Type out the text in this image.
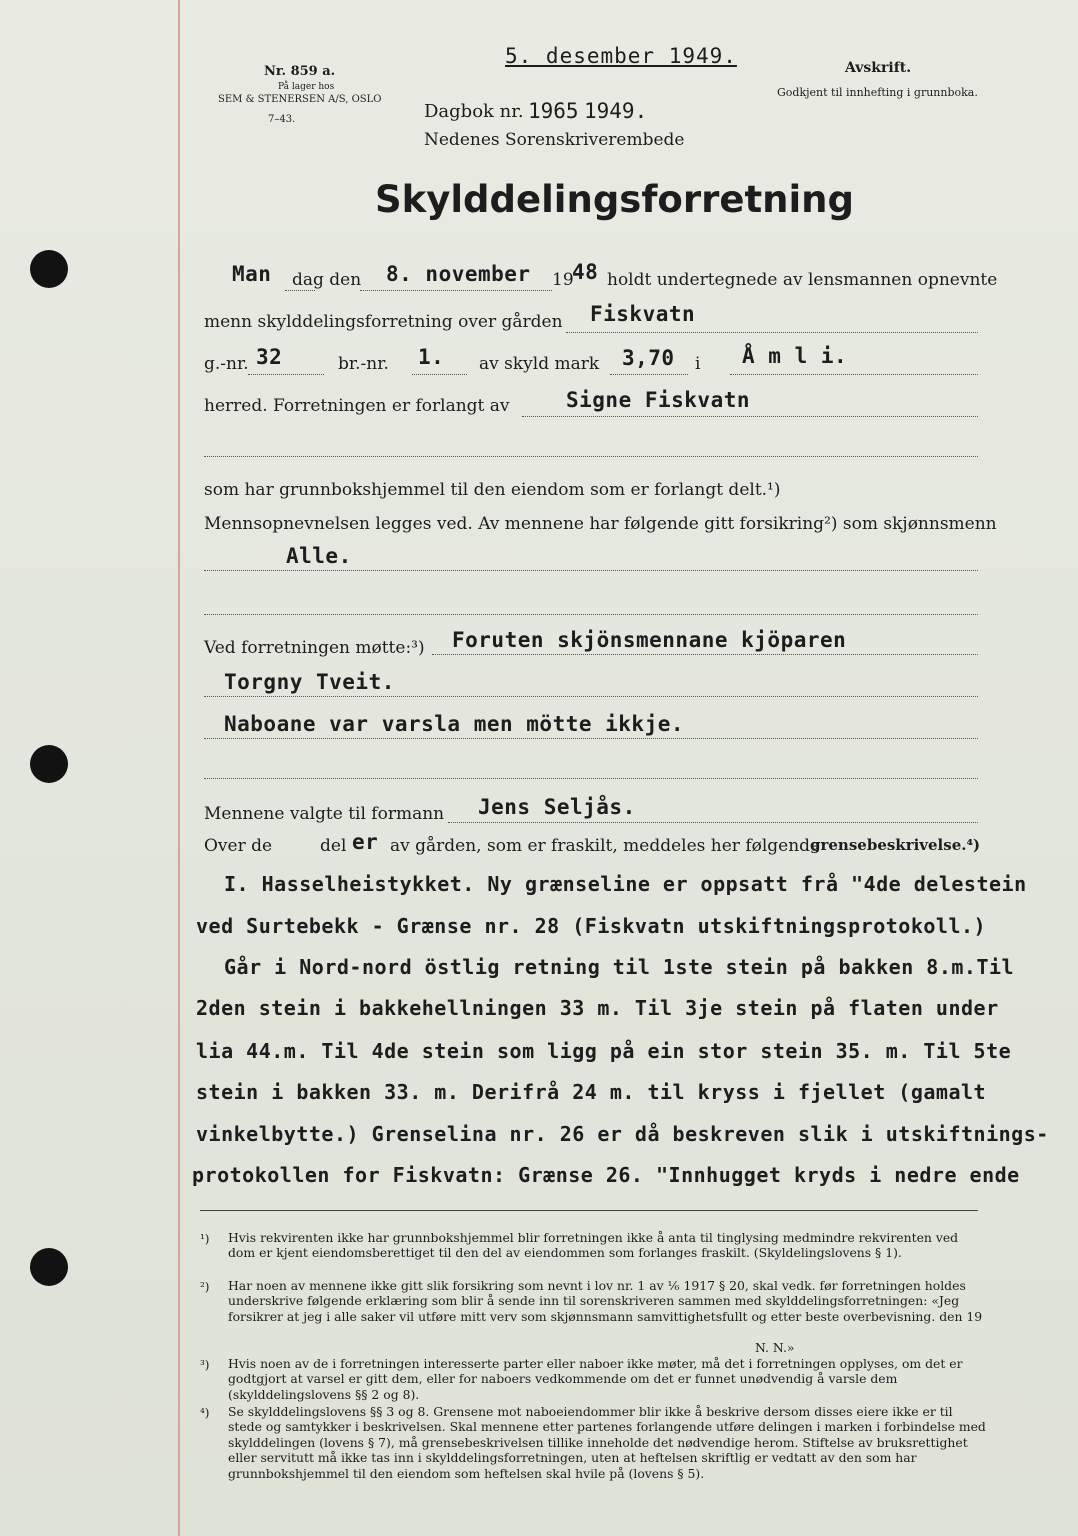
Nr. 859 a.
På lager hos
SEM & STENERSEN A/S, OSLO
7–43.
5. desember 1949.	Avskrift.
Godkjent til innhefting i grunnboka.
Dagbok nr. 1965 1949.
Nedenes Sorenskriverembede
Skylddelingsforretning
Man dag den 8. november 19
48 holdt undertegnede av lensmannen opnevnte
menn skylddelingsforretning over gården Fiskvatn
g.-nr. 32	br.-nr. 1. av skyld mark 3,70 i Å m l i.
herred. Forretningen er forlangt av	Signe Fiskvatn
som har grunnbokshjemmel til den eiendom som er forlangt delt.¹)
Mennsopnevnelsen legges ved. Av mennene har følgende gitt forsikring²) som skjønnsmenn
Alle.
Ved forretningen møtte:³) Foruten skjönsmennane kjöparen
Torgny Tveit.
Naboane var varsla men mötte ikkje.
Mennene valgte til formann Jens Seljås.
Over de	del er av gården, som er fraskilt, meddeles her følgende
grensebeskrivelse.⁴)
I. Hasselheistykket. Ny grænseline er oppsatt frå "4de delestein
ved Surtebekk - Grænse nr. 28 (Fiskvatn utskiftningsprotokoll.)
Går i Nord-nord östlig retning til 1ste stein på bakken 8.m.Til
2den stein i bakkehellningen 33 m. Til 3je stein på flaten under
lia 44.m. Til 4de stein som ligg på ein stor stein 35. m. Til 5te
stein i bakken 33. m. Derifrå 24 m. til kryss i fjellet (gamalt
vinkelbytte.) Grenselina nr. 26 er då beskreven slik i utskiftnings-
protokollen for Fiskvatn: Grænse 26. "Innhugget kryds i nedre ende
¹) Hvis rekvirenten ikke har grunnbokshjemmel blir forretningen ikke å anta til tinglysing medmindre rekvirenten ved dom er kjent eiendomsberettiget til den del av eiendommen som forlanges fraskilt. (Skyldelingslovens § 1).
²) Har noen av mennene ikke gitt slik forsikring som nevnt i lov nr. 1 av ⅙ 1917 § 20, skal vedk. før forretningen holdes underskrive følgende erklæring som blir å sende inn til sorenskriveren sammen med skylddelingsforretningen: «Jeg forsikrer at jeg i alle saker vil utføre mitt verv som skjønnsmann samvittighetsfullt og etter beste overbevisning. den 19
N. N.»
³) Hvis noen av de i forretningen interesserte parter eller naboer ikke møter, må det i forretningen opplyses, om det er godtgjort at varsel er gitt dem, eller for naboers vedkommende om det er funnet unødvendig å varsle dem (skylddelingslovens §§ 2 og 8).
⁴) Se skylddelingslovens §§ 3 og 8. Grensene mot naboeiendommer blir ikke å beskrive dersom disses eiere ikke er til stede og samtykker i beskrivelsen. Skal mennene etter partenes forlangende utføre delingen i marken i forbindelse med skylddelingen (lovens § 7), må grensebeskrivelsen tillike inneholde det nødvendige herom. Stiftelse av bruksrettighet eller servitutt må ikke tas inn i skylddelingsforretningen, uten at heftelsen skriftlig er vedtatt av den som har grunnbokshjemmel til den eiendom som heftelsen skal hvile på (lovens § 5).
